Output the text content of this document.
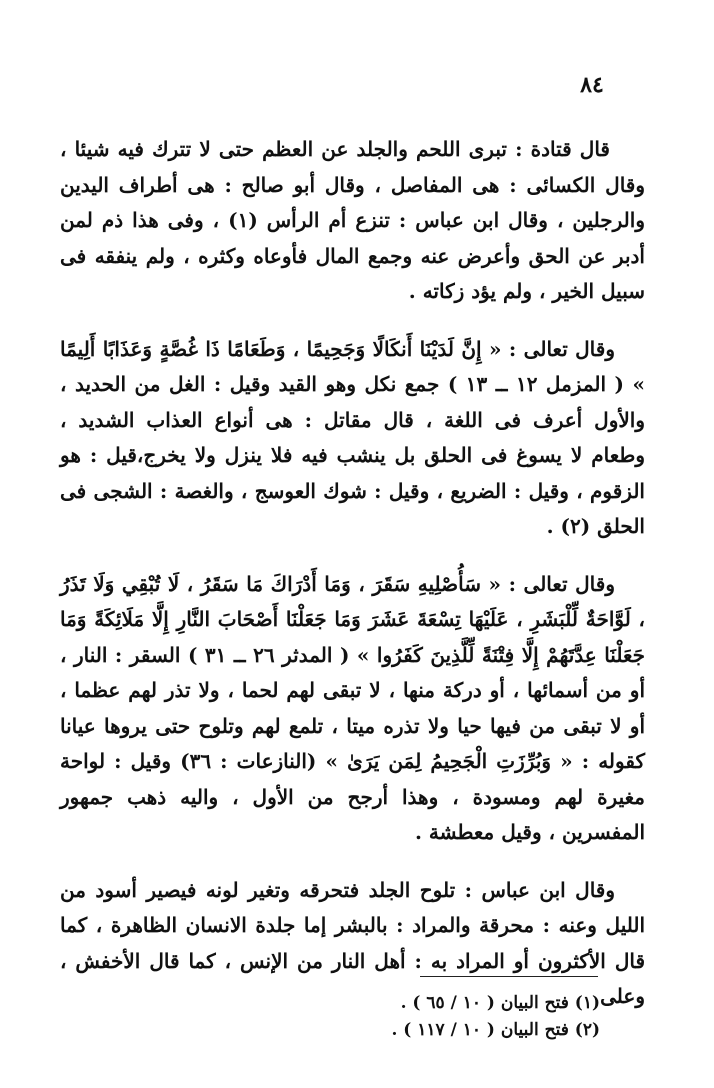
٨٤

قال قتادة : تبرى اللحم والجلد عن العظم حتى لا تترك فيه شيئا ، وقال الكسائى : هى المفاصل ، وقال أبو صالح : هى أطراف اليدين والرجلين ، وقال ابن عباس : تنزع أم الرأس (١) ، وفى هذا ذم لمن أدبر عن الحق وأعرض عنه وجمع المال فأوعاه وكثره ، ولم ينفقه فى سبيل الخير ، ولم يؤد زكاته .

وقال تعالى : « إِنَّ لَدَيْنَا أَنكَالًا وَجَحِيمًا ، وَطَعَامًا ذَا غُصَّةٍ وَعَذَابًا أَلِيمًا » ( المزمل ١٢ ــ ١٣ ) جمع نكل وهو القيد وقيل : الغل من الحديد ، والأول أعرف فى اللغة ، قال مقاتل : هى أنواع العذاب الشديد ، وطعام لا يسوغ فى الحلق بل ينشب فيه فلا ينزل ولا يخرج،قيل : هو الزقوم ، وقيل : الضريع ، وقيل : شوك العوسج ، والغصة : الشجى فى الحلق (٢) .

وقال تعالى : « سَأُصْلِيهِ سَقَرَ ، وَمَا أَدْرَاكَ مَا سَقَرُ ، لَا تُبْقِي وَلَا تَذَرُ ، لَوَّاحَةٌ لِّلْبَشَرِ ، عَلَيْهَا تِسْعَةَ عَشَرَ وَمَا جَعَلْنَا أَصْحَابَ النَّارِ إِلَّا مَلَائِكَةً وَمَا جَعَلْنَا عِدَّتَهُمْ إِلَّا فِتْنَةً لِّلَّذِينَ كَفَرُوا » ( المدثر ٢٦ ــ ٣١ ) السقر : النار ، أو من أسمائها ، أو دركة منها ، لا تبقى لهم لحما ، ولا تذر لهم عظما ، أو لا تبقى من فيها حيا ولا تذره ميتا ، تلمع لهم وتلوح حتى يروها عيانا كقوله : « وَبُرِّزَتِ الْجَحِيمُ لِمَن يَرَىٰ » (النازعات : ٣٦) وقيل : لواحة مغيرة لهم ومسودة ، وهذا أرجح من الأول ، واليه ذهب جمهور المفسرين ، وقيل معطشة .

وقال ابن عباس : تلوح الجلد فتحرقه وتغير لونه فيصير أسود من الليل وعنه : محرقة والمراد : بالبشر إما جلدة الانسان الظاهرة ، كما قال الأكثرون أو المراد به : أهل النار من الإنس ، كما قال الأخفش ، وعلى

(١) فتح البيان ( ١٠ / ٦٥ ) .
(٢) فتح البيان ( ١٠ / ١١٧ ) .
